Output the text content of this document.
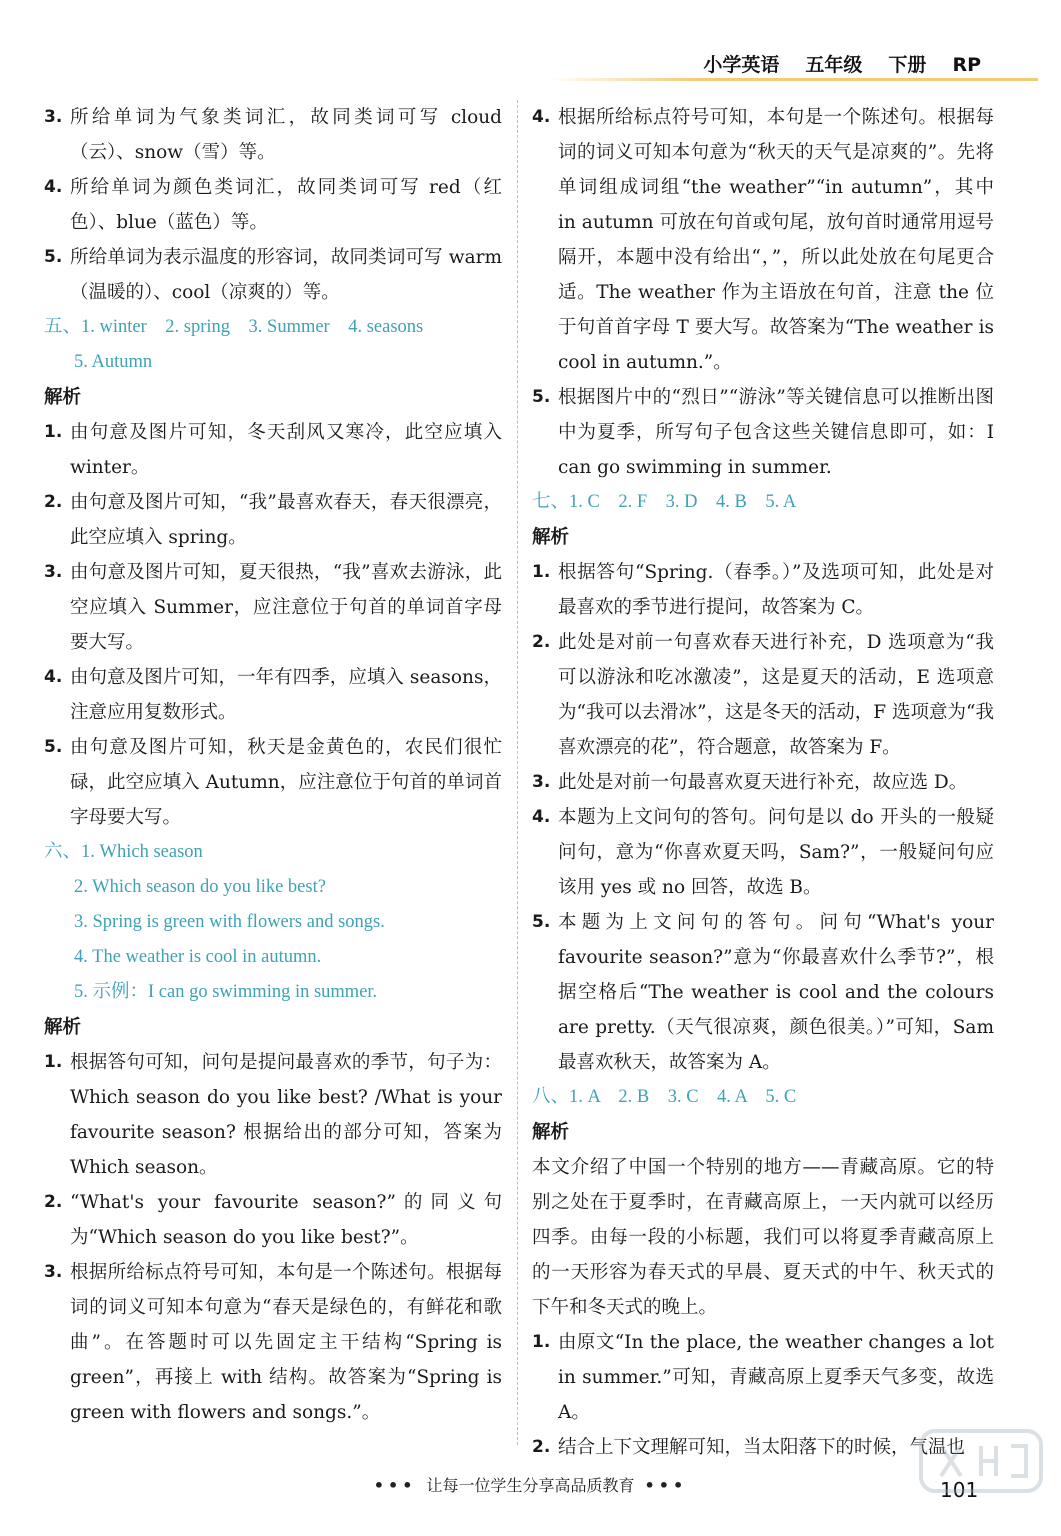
小学英语 五年级 下册 RP
3. 所给单词为气象类词汇，故同类词可写 cloud（云）、snow（雪）等。
4. 所给单词为颜色类词汇，故同类词可写 red（红色）、blue（蓝色）等。
5. 所给单词为表示温度的形容词，故同类词可写 warm（温暖的）、cool（凉爽的）等。
五、1. winter　2. spring　3. Summer　4. seasons
5. Autumn
解析
1. 由句意及图片可知，冬天刮风又寒冷，此空应填入 winter。
2. 由句意及图片可知，“我”最喜欢春天，春天很漂亮，此空应填入 spring。
3. 由句意及图片可知，夏天很热，“我”喜欢去游泳，此空应填入 Summer，应注意位于句首的单词首字母要大写。
4. 由句意及图片可知，一年有四季，应填入 seasons，注意应用复数形式。
5. 由句意及图片可知，秋天是金黄色的，农民们很忙碌，此空应填入 Autumn，应注意位于句首的单词首字母要大写。
六、1. Which season
2. Which season do you like best?
3. Spring is green with flowers and songs.
4. The weather is cool in autumn.
5. 示例：I can go swimming in summer.
解析
1. 根据答句可知，问句是提问最喜欢的季节，句子为：Which season do you like best? /What is your favourite season? 根据给出的部分可知，答案为 Which season。
2. “What's your favourite season?”的同义句为“Which season do you like best?”。
3. 根据所给标点符号可知，本句是一个陈述句。根据每词的词义可知本句意为“春天是绿色的，有鲜花和歌曲”。在答题时可以先固定主干结构“Spring is green”，再接上 with 结构。故答案为“Spring is green with flowers and songs.”。
4. 根据所给标点符号可知，本句是一个陈述句。根据每词的词义可知本句意为“秋天的天气是凉爽的”。先将单词组成词组“the weather”“in autumn”，其中 in autumn 可放在句首或句尾，放句首时通常用逗号隔开，本题中没有给出“，”，所以此处放在句尾更合适。The weather 作为主语放在句首，注意 the 位于句首首字母 T 要大写。故答案为“The weather is cool in autumn.”。
5. 根据图片中的“烈日”“游泳”等关键信息可以推断出图中为夏季，所写句子包含这些关键信息即可，如：I can go swimming in summer.
七、1. C　2. F　3. D　4. B　5. A
解析
1. 根据答句“Spring.（春季。）”及选项可知，此处是对最喜欢的季节进行提问，故答案为 C。
2. 此处是对前一句喜欢春天进行补充，D 选项意为“我可以游泳和吃冰激凌”，这是夏天的活动，E 选项意为“我可以去滑冰”，这是冬天的活动，F 选项意为“我喜欢漂亮的花”，符合题意，故答案为 F。
3. 此处是对前一句最喜欢夏天进行补充，故应选 D。
4. 本题为上文问句的答句。问句是以 do 开头的一般疑问句，意为“你喜欢夏天吗，Sam?”，一般疑问句应该用 yes 或 no 回答，故选 B。
5. 本题为上文问句的答句。问句“What's your favourite season?”意为“你最喜欢什么季节?”，根据空格后“The weather is cool and the colours are pretty.（天气很凉爽，颜色很美。）”可知，Sam 最喜欢秋天，故答案为 A。
八、1. A　2. B　3. C　4. A　5. C
解析
本文介绍了中国一个特别的地方——青藏高原。它的特别之处在于夏季时，在青藏高原上，一天内就可以经历四季。由每一段的小标题，我们可以将夏季青藏高原上的一天形容为春天式的早晨、夏天式的中午、秋天式的下午和冬天式的晚上。
1. 由原文“In the place, the weather changes a lot in summer.”可知，青藏高原上夏季天气多变，故选 A。
2. 结合上下文理解可知，当太阳落下的时候，气温也
••• 让每一位学生分享高品质教育 •••	101
